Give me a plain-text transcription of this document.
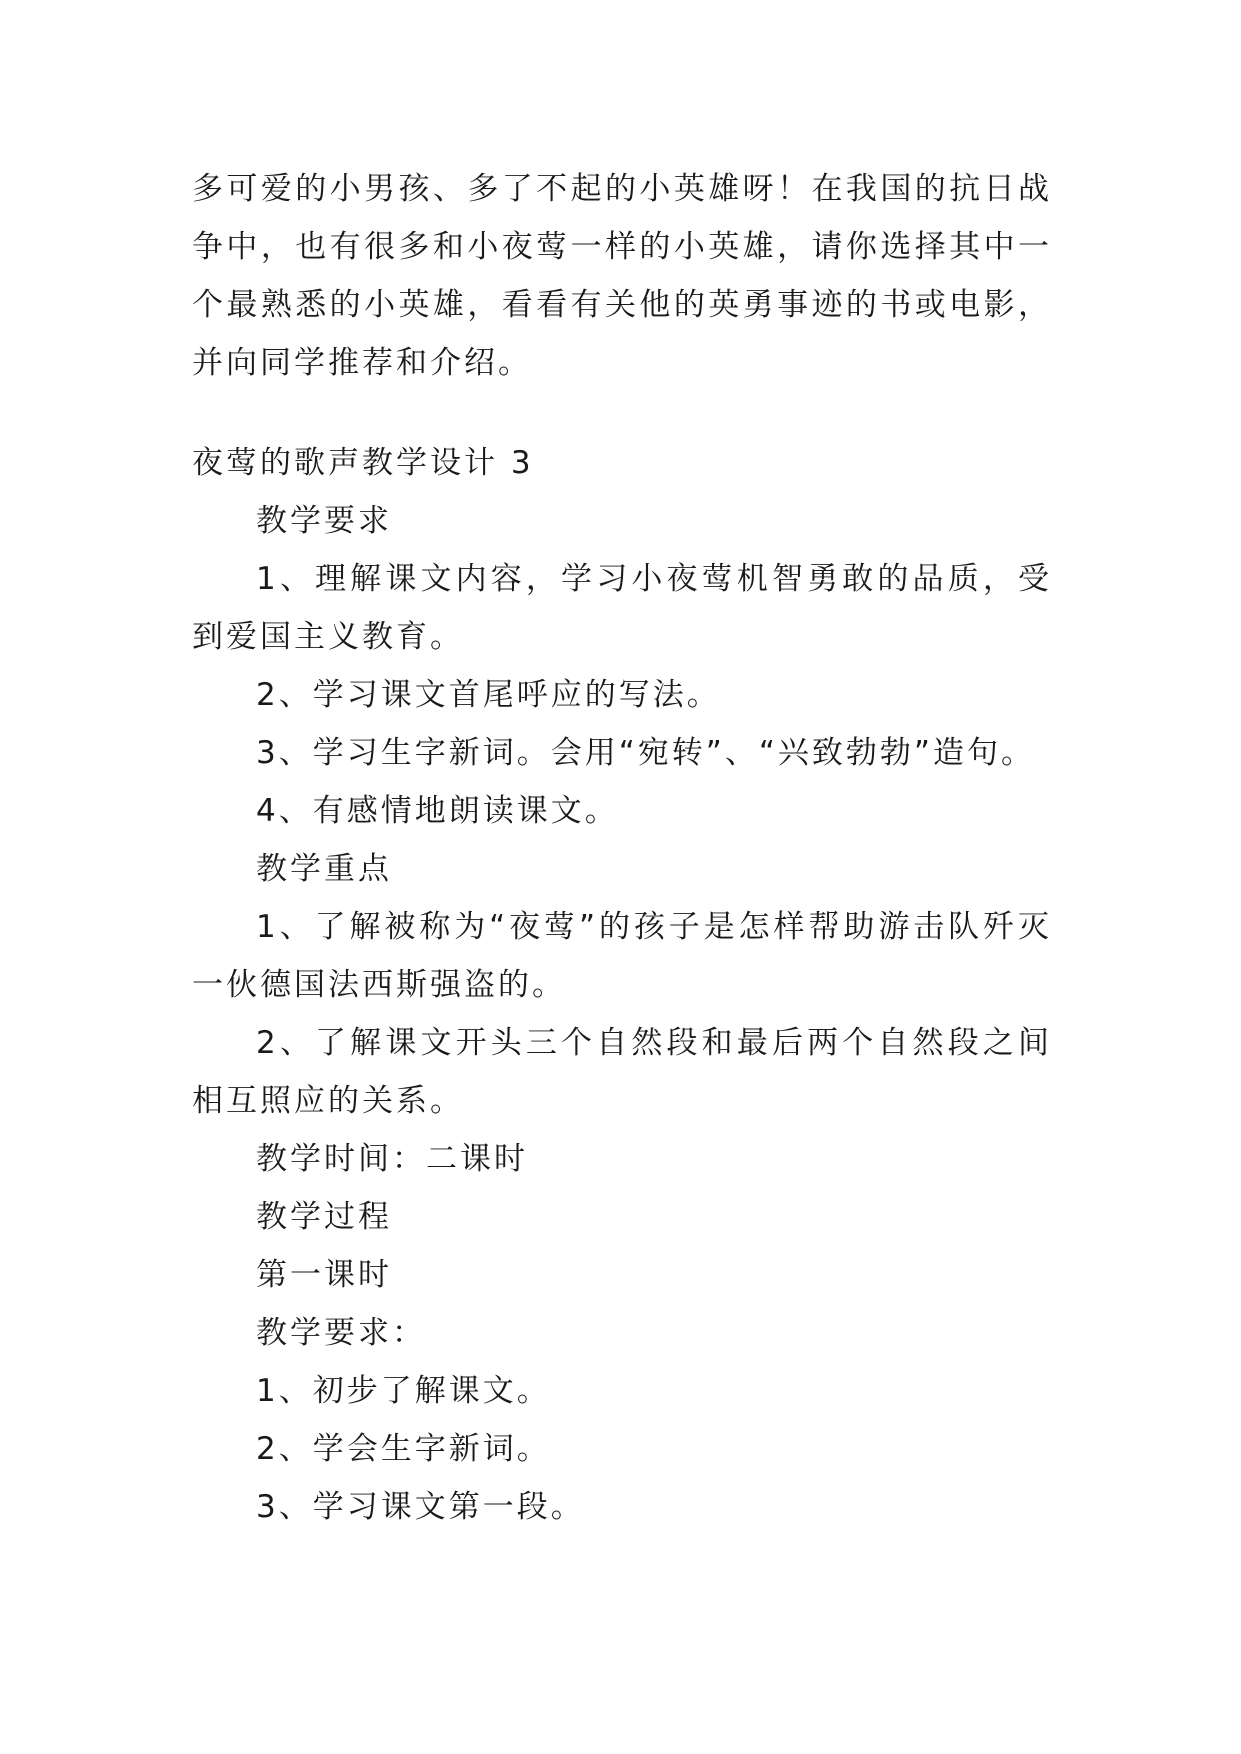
多可爱的小男孩、多了不起的小英雄呀！在我国的抗日战争中，也有很多和小夜莺一样的小英雄，请你选择其中一个最熟悉的小英雄，看看有关他的英勇事迹的书或电影，并向同学推荐和介绍。

夜莺的歌声教学设计 3

教学要求

1、理解课文内容，学习小夜莺机智勇敢的品质，受到爱国主义教育。

2、学习课文首尾呼应的写法。

3、学习生字新词。会用“宛转”、“兴致勃勃”造句。

4、有感情地朗读课文。

教学重点

1、了解被称为“夜莺”的孩子是怎样帮助游击队歼灭一伙德国法西斯强盗的。

2、了解课文开头三个自然段和最后两个自然段之间相互照应的关系。

教学时间：二课时

教学过程

第一课时

教学要求：

1、初步了解课文。

2、学会生字新词。

3、学习课文第一段。
